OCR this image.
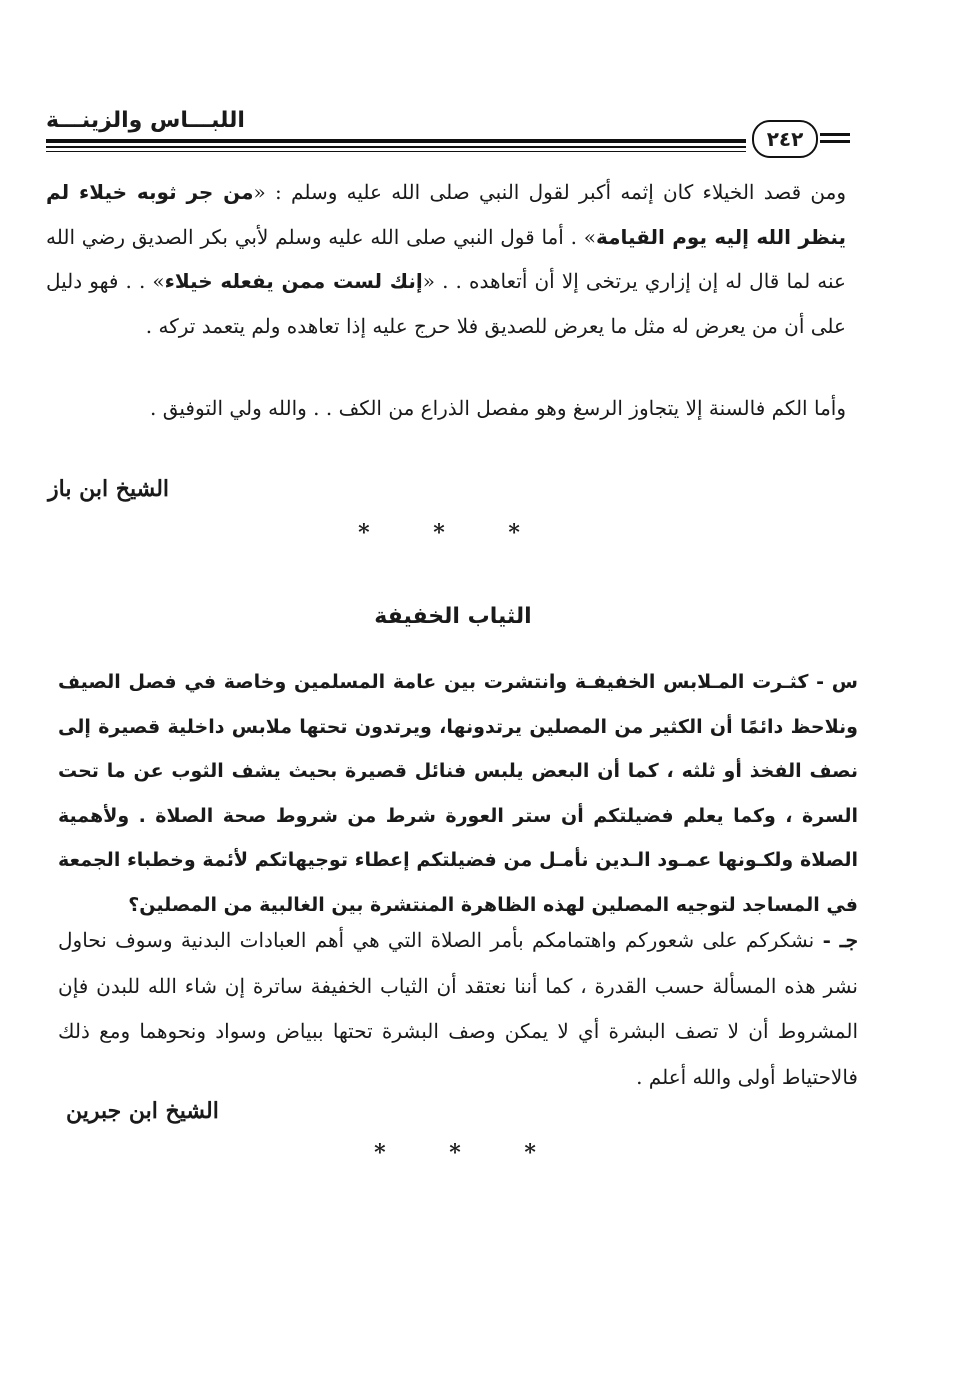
اللبـــاس والزينـــة
٢٤٢

ومن قصد الخيلاء كان إثمه أكبر لقول النبي صلى الله عليه وسلم : «من جر ثوبه خيلاء لم ينظر الله إليه يوم القيامة» . أما قول النبي صلى الله عليه وسلم لأبي بكر الصديق رضي الله عنه لما قال له إن إزاري يرتخى إلا أن أتعاهده . . «إنك لست ممن يفعله خيلاء» . . فهو دليل على أن من يعرض له مثل ما يعرض للصديق فلا حرج عليه إذا تعاهده ولم يتعمد تركه .

وأما الكم فالسنة إلا يتجاوز الرسغ وهو مفصل الذراع من الكف . . والله ولي التوفيق .

الشيخ ابن باز
* * *
الثياب الخفيفة

س - كثـرت المـلابس الخفيفـة وانتشرت بين عامة المسلمين وخاصة في فصل الصيف ونلاحظ دائمًا أن الكثير من المصلين يرتدونها، ويرتدون تحتها ملابس داخلية قصيرة إلى نصف الفخذ أو ثلثه ، كما أن البعض يلبس فنائل قصيرة بحيث يشف الثوب عن ما تحت السرة ، وكما يعلم فضيلتكم أن ستر العورة شرط من شروط صحة الصلاة . ولأهمية الصلاة ولكـونها عمـود الـدين نأمـل من فضيلتكم إعطاء توجيهاتكم لأئمة وخطباء الجمعة في المساجد لتوجيه المصلين لهذه الظاهرة المنتشرة بين الغالبية من المصلين؟

جـ - نشكركم على شعوركم واهتمامكم بأمر الصلاة التي هي أهم العبادات البدنية وسوف نحاول نشر هذه المسألة حسب القدرة ، كما أننا نعتقد أن الثياب الخفيفة ساترة إن شاء الله للبدن فإن المشروط أن لا تصف البشرة أي لا يمكن وصف البشرة تحتها ببياض وسواد ونحوهما ومع ذلك فالاحتياط أولى والله أعلم .

الشيخ ابن جبرين
* * *
